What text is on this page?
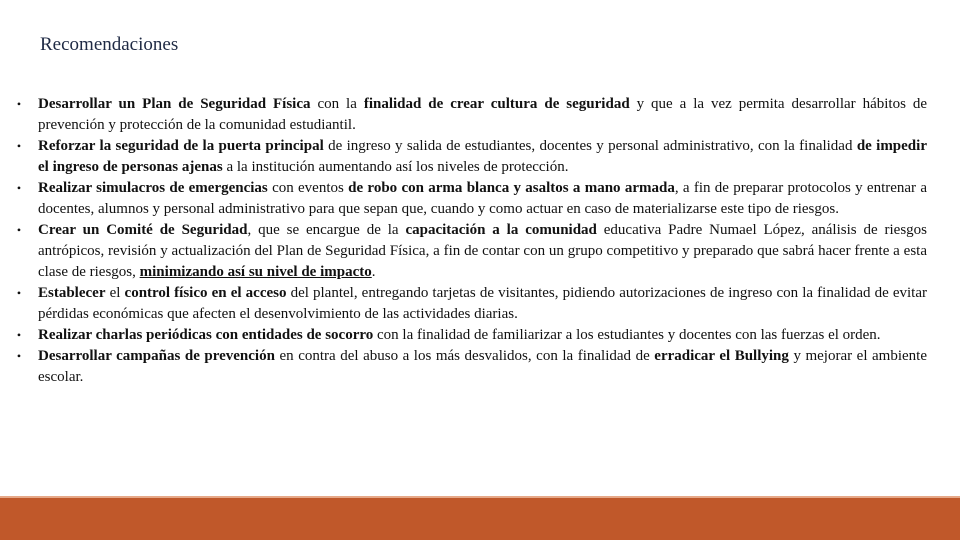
Recomendaciones
• Desarrollar un Plan de Seguridad Física con la finalidad de crear cultura de seguridad y que a la vez permita desarrollar hábitos de prevención y protección de la comunidad estudiantil.
• Reforzar la seguridad de la puerta principal de ingreso y salida de estudiantes, docentes y personal administrativo, con la finalidad de impedir el ingreso de personas ajenas a la institución aumentando así los niveles de protección.
• Realizar simulacros de emergencias con eventos de robo con arma blanca y asaltos a mano armada, a fin de preparar protocolos y entrenar a docentes, alumnos y personal administrativo para que sepan que, cuando y como actuar en caso de materializarse este tipo de riesgos.
• Crear un Comité de Seguridad, que se encargue de la capacitación a la comunidad educativa Padre Numael López, análisis de riesgos antrópicos, revisión y actualización del Plan de Seguridad Física, a fin de contar con un grupo competitivo y preparado que sabrá hacer frente a esta clase de riesgos, minimizando así su nivel de impacto.
• Establecer el control físico en el acceso del plantel, entregando tarjetas de visitantes, pidiendo autorizaciones de ingreso con la finalidad de evitar pérdidas económicas que afecten el desenvolvimiento de las actividades diarias.
• Realizar charlas periódicas con entidades de socorro con la finalidad de familiarizar a los estudiantes y docentes con las fuerzas el orden.
• Desarrollar campañas de prevención en contra del abuso a los más desvalidos, con la finalidad de erradicar el Bullying y mejorar el ambiente escolar.
